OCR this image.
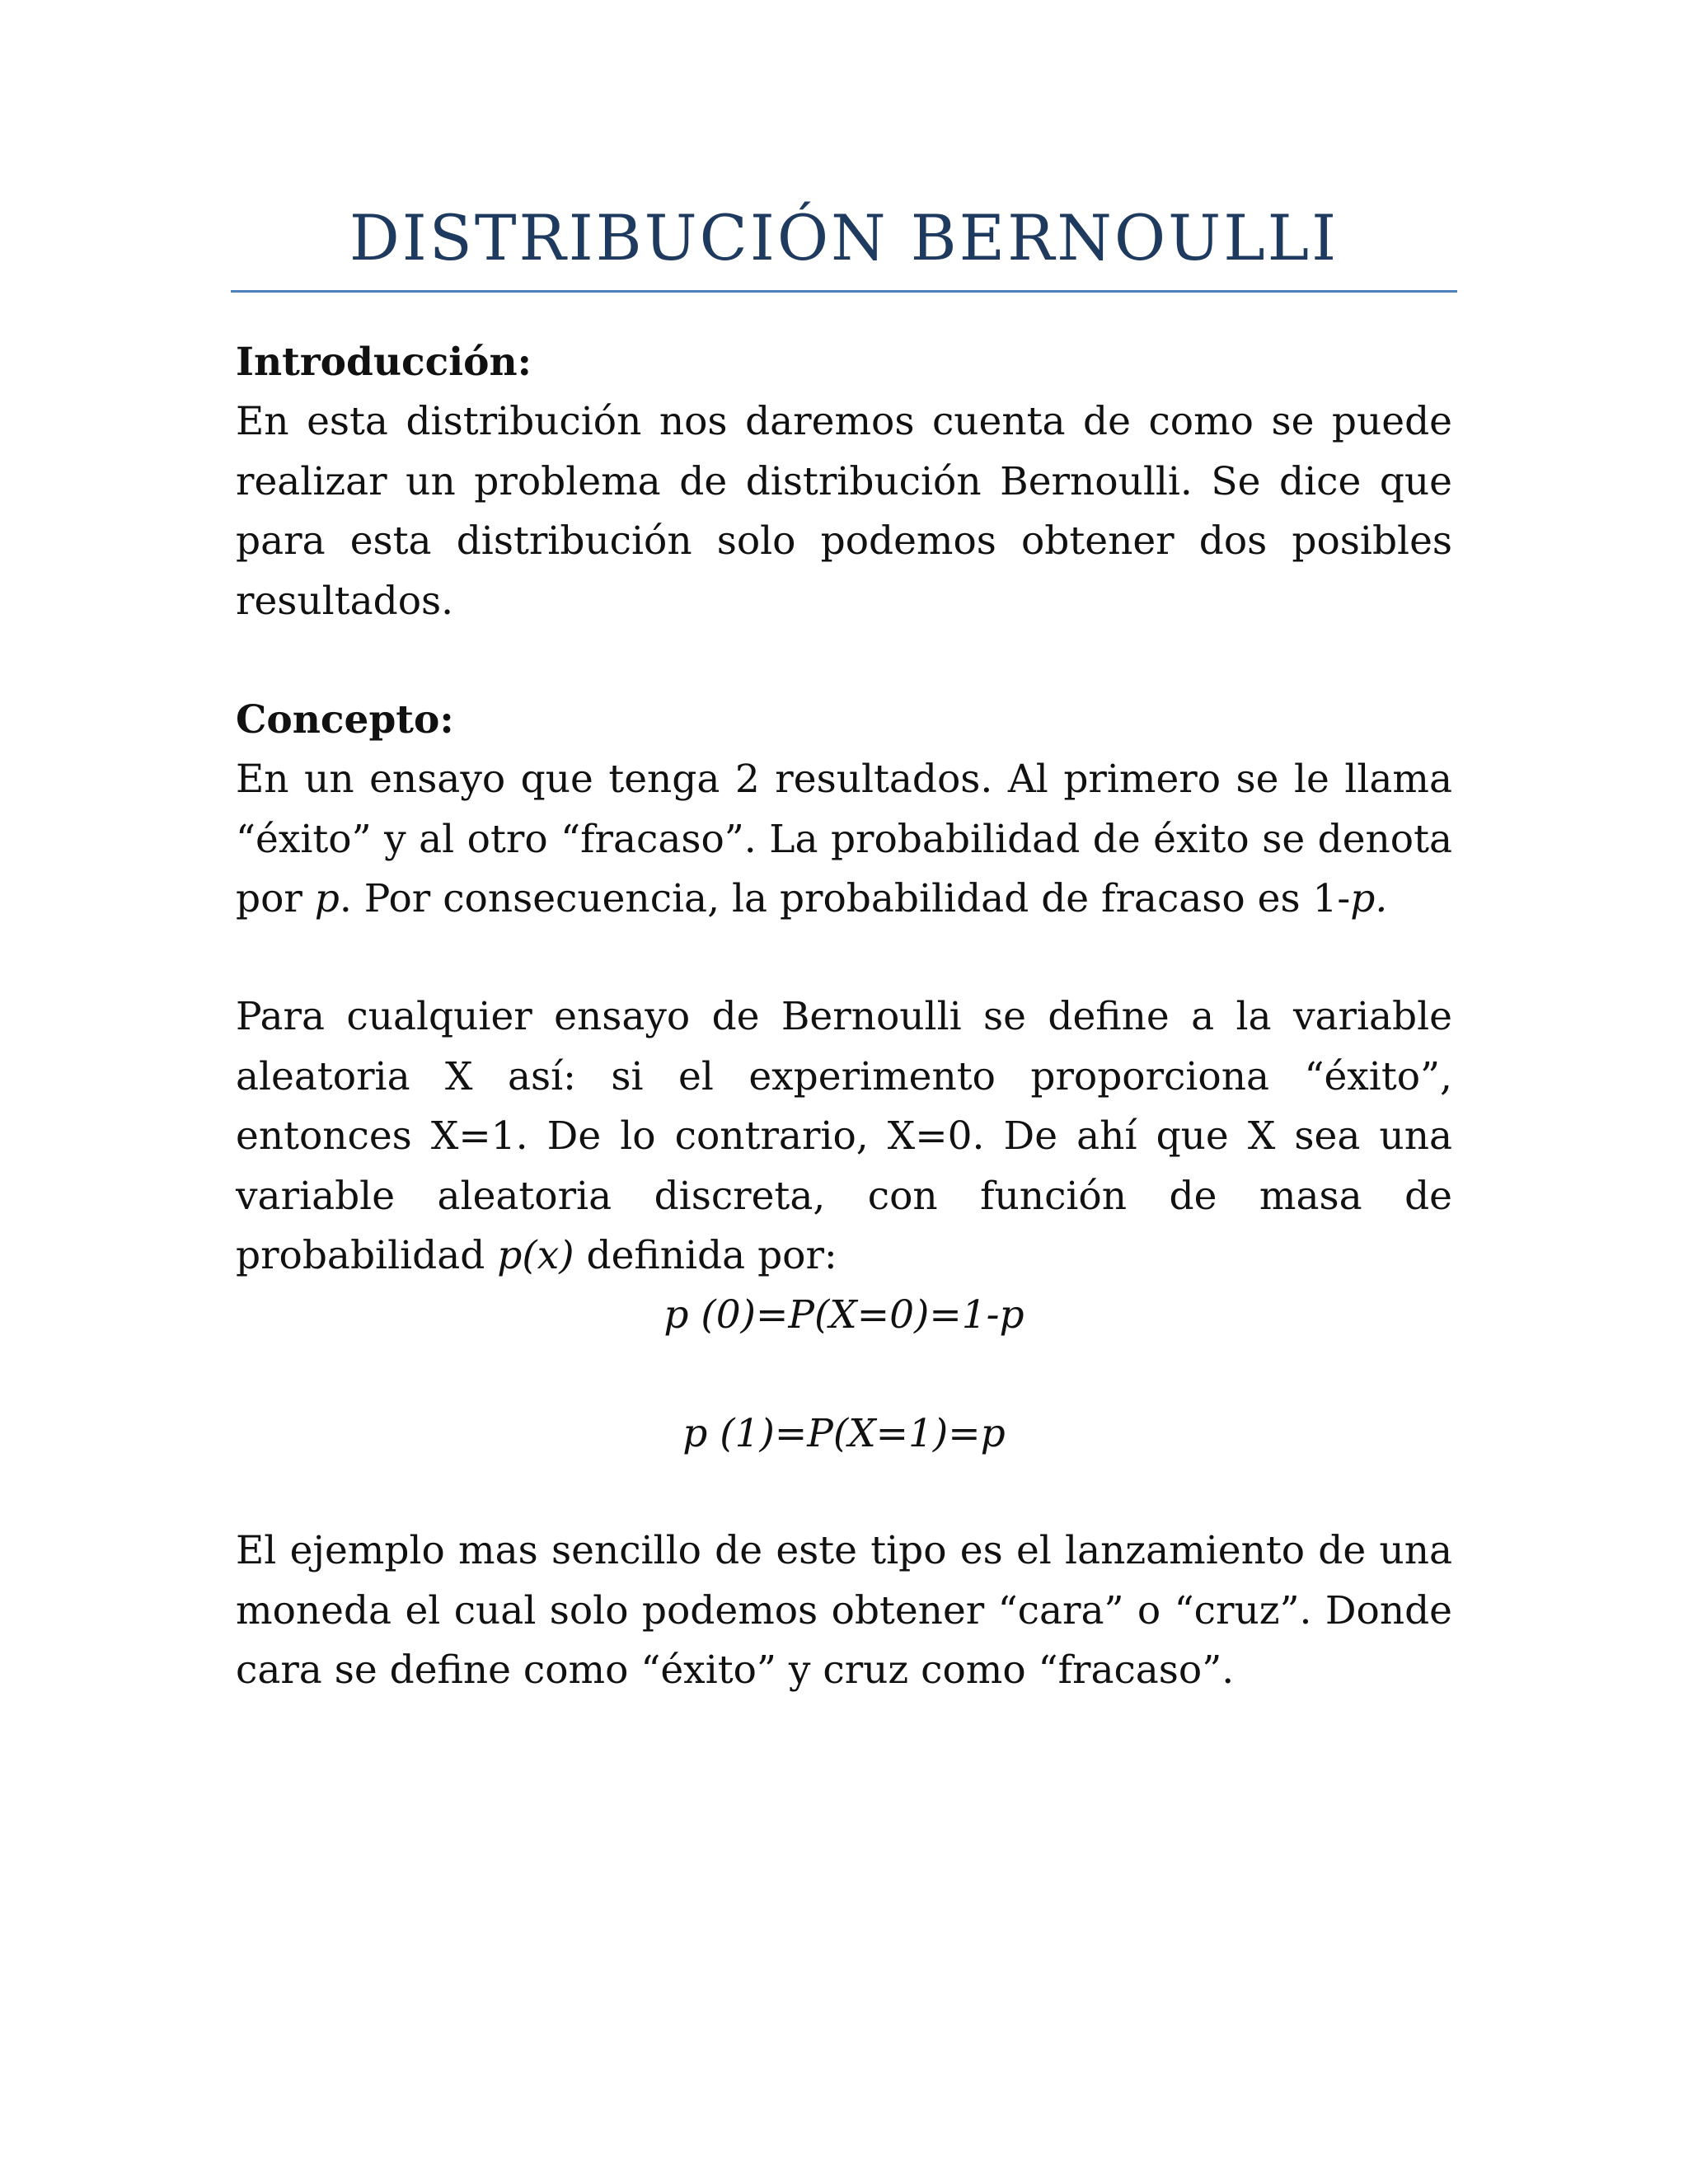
DISTRIBUCIÓN BERNOULLI
Introducción:

En esta distribución nos daremos cuenta de como se puede realizar un problema de distribución Bernoulli. Se dice que para esta distribución solo podemos obtener dos posibles resultados.

Concepto:

En un ensayo que tenga 2 resultados. Al primero se le llama “éxito” y al otro “fracaso”. La probabilidad de éxito se denota por p. Por consecuencia, la probabilidad de fracaso es 1-p.

Para cualquier ensayo de Bernoulli se define a la variable aleatoria X así: si el experimento proporciona “éxito”, entonces X=1. De lo contrario, X=0. De ahí que X sea una variable aleatoria discreta, con función de masa de probabilidad p(x) definida por:

p (0)=P(X=0)=1-p

p (1)=P(X=1)=p

El ejemplo mas sencillo de este tipo es el lanzamiento de una moneda el cual solo podemos obtener “cara” o “cruz”. Donde cara se define como “éxito” y cruz como “fracaso”.
